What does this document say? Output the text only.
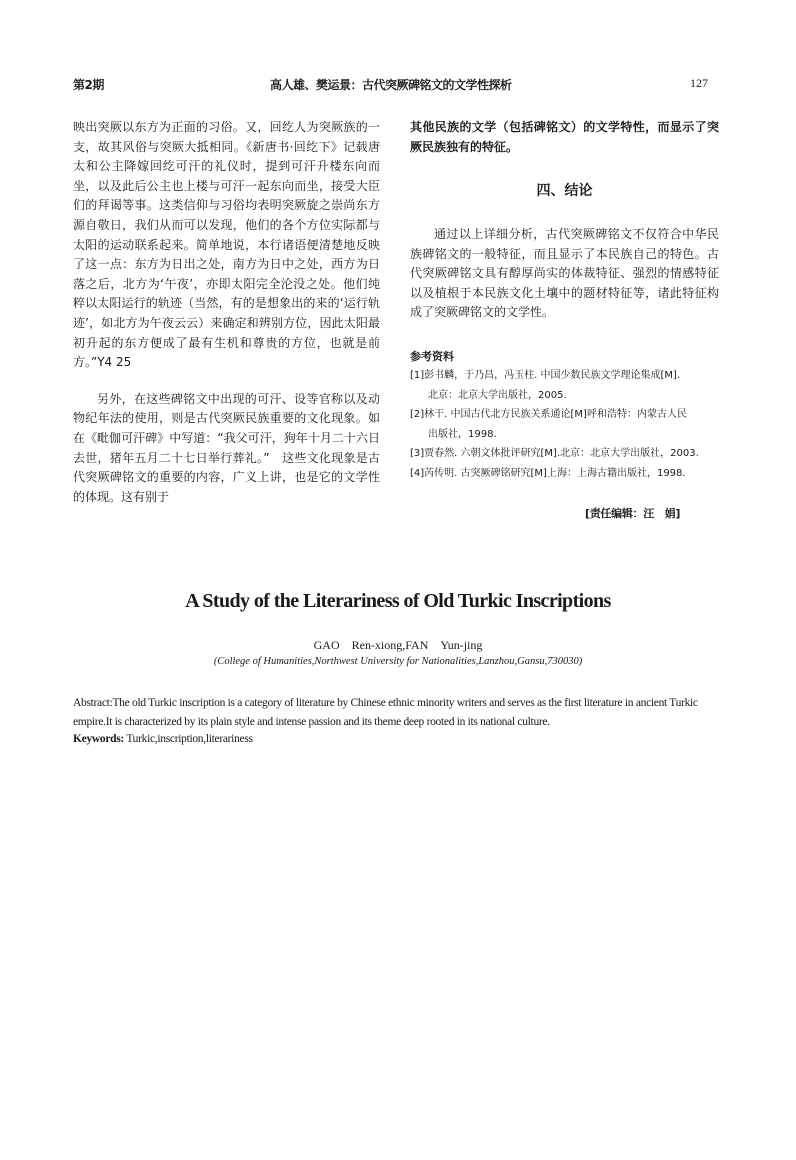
第2期	高人雄、樊运景：古代突厥碑铭文的文学性探析	127

映出突厥以东方为正面的习俗。又，回纥人为突厥族的一支，故其风俗与突厥大抵相同。《新唐书·回纥下》记载唐太和公主降嫁回纥可汗的礼仪时，提到可汗升楼东向而坐，以及此后公主也上楼与可汗一起东向而坐，接受大臣们的拜谒等事。这类信仰与习俗均表明突厥旋之崇尚东方源自敬日，我们从而可以发现，他们的各个方位实际都与太阳的运动联系起来。简单地说，本行诸语便清楚地反映了这一点：东方为日出之处，南方为日中之处，西方为日落之后，北方为‘午夜’，亦即太阳完全沦没之处。他们纯粹以太阳运行的轨迹（当然，有的是想象出的来的‘运行轨迹’，如北方为午夜云云）来确定和辨别方位，因此太阳最初升起的东方便成了最有生机和尊贵的方位，也就是前方。”Y4 25

另外，在这些碑铭文中出现的可汗、设等官称以及动物纪年法的使用，则是古代突厥民族重要的文化现象。如在《毗伽可汗碑》中写道：“我父可汗，狗年十月二十六日去世，猪年五月二十七日举行葬礼。”　这些文化现象是古代突厥碑铭文的重要的内容，广义上讲，也是它的文学性的体现。这有别于

其他民族的文学（包括碑铭文）的文学特性，而显示了突厥民族独有的特征。
四、结论
通过以上详细分析，古代突厥碑铭文不仅符合中华民族碑铭文的一般特征，而且显示了本民族自己的特色。古代突厥碑铭文具有醇厚尚实的体裁特征、强烈的情感特征以及植根于本民族文化土壤中的题材特征等，诸此特征构成了突厥碑铭文的文学性。
参考资料
[1]彭书麟，于乃昌，冯玉柱. 中国少数民族文学理论集成[M].
北京：北京大学出版社，2005.
[2]林干. 中国古代北方民族关系通论[M]呼和浩特：内蒙古人民
出版社，1998.
[3]贾春然. 六朝文体批评研究[M].北京：北京大学出版社，2003.
[4]芮传明. 古突厥碑铭研究[M]上海：上海古籍出版社，1998.
[责任编辑：汪　娟]
A Study of the Literariness of Old Turkic Inscriptions
GAO　Ren-xiong,FAN　Yun-jing
(College of Humanities,Northwest University for Nationalities,Lanzhou,Gansu,730030)
Abstract:The old Turkic inscription is a category of literature by Chinese ethnic minority writers and serves as the first literature in ancient Turkic empire.It is characterized by its plain style and intense passion and its theme deep rooted in its national culture.
Keywords: Turkic,inscription,literariness
